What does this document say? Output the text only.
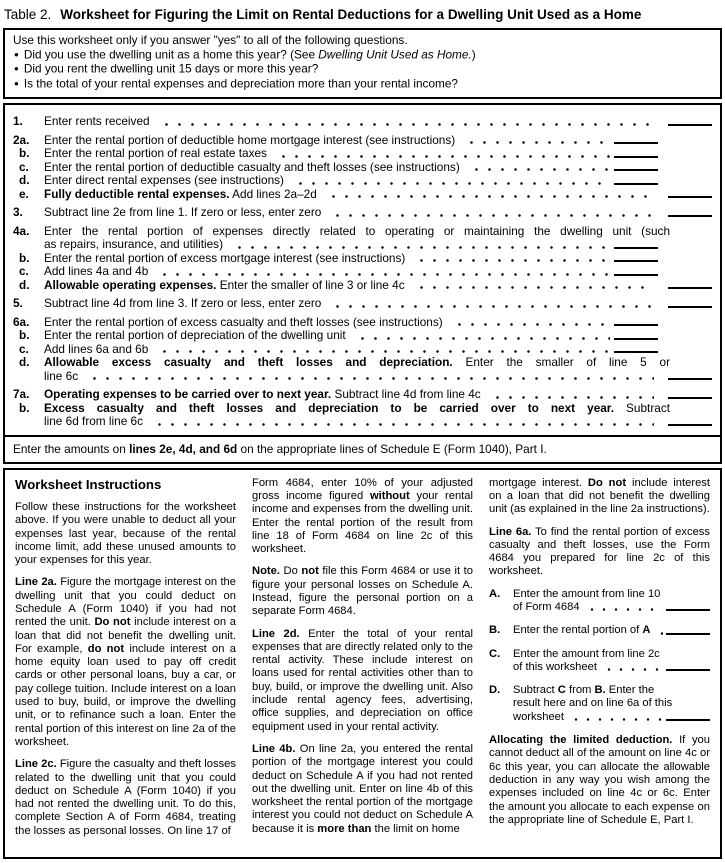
Table 2. Worksheet for Figuring the Limit on Rental Deductions for a Dwelling Unit Used as a Home
Use this worksheet only if you answer "yes" to all of the following questions.
● Did you use the dwelling unit as a home this year? (See Dwelling Unit Used as Home.)
● Did you rent the dwelling unit 15 days or more this year?
● Is the total of your rental expenses and depreciation more than your rental income?
1.	Enter rents received
2a.	Enter the rental portion of deductible home mortgage interest (see instructions)
b.	Enter the rental portion of real estate taxes
c.	Enter the rental portion of deductible casualty and theft losses (see instructions)
d.	Enter direct rental expenses (see instructions)
e.	Fully deductible rental expenses. Add lines 2a–2d
3.	Subtract line 2e from line 1. If zero or less, enter zero
4a.	Enter the rental portion of expenses directly related to operating or maintaining the dwelling unit (such
as repairs, insurance, and utilities)
b.	Enter the rental portion of excess mortgage interest (see instructions)
c.	Add lines 4a and 4b
d.	Allowable operating expenses. Enter the smaller of line 3 or line 4c
5.	Subtract line 4d from line 3. If zero or less, enter zero
6a.	Enter the rental portion of excess casualty and theft losses (see instructions)
b.	Enter the rental portion of depreciation of the dwelling unit
c.	Add lines 6a and 6b
d.	Allowable excess casualty and theft losses and depreciation. Enter the smaller of line 5 or
line 6c
7a.	Operating expenses to be carried over to next year. Subtract line 4d from line 4c
b.	Excess casualty and theft losses and depreciation to be carried over to next year. Subtract
line 6d from line 6c
Enter the amounts on lines 2e, 4d, and 6d on the appropriate lines of Schedule E (Form 1040), Part I.
Worksheet Instructions

Follow these instructions for the worksheet above. If you were unable to deduct all your expenses last year, because of the rental income limit, add these unused amounts to your expenses for this year.

Line 2a. Figure the mortgage interest on the dwelling unit that you could deduct on Schedule A (Form 1040) if you had not rented the unit. Do not include interest on a loan that did not benefit the dwelling unit. For example, do not include interest on a home equity loan used to pay off credit cards or other personal loans, buy a car, or pay college tuition. Include interest on a loan used to buy, build, or improve the dwelling unit, or to refinance such a loan. Enter the rental portion of this interest on line 2a of the worksheet.

Line 2c. Figure the casualty and theft losses related to the dwelling unit that you could deduct on Schedule A (Form 1040) if you had not rented the dwelling unit. To do this, complete Section A of Form 4684, treating the losses as personal losses. On line 17 of

Form 4684, enter 10% of your adjusted gross income figured without your rental income and expenses from the dwelling unit. Enter the rental portion of the result from line 18 of Form 4684 on line 2c of this worksheet.

Note. Do not file this Form 4684 or use it to figure your personal losses on Schedule A. Instead, figure the personal portion on a separate Form 4684.

Line 2d. Enter the total of your rental expenses that are directly related only to the rental activity. These include interest on loans used for rental activities other than to buy, build, or improve the dwelling unit. Also include rental agency fees, advertising, office supplies, and depreciation on office equipment used in your rental activity.

Line 4b. On line 2a, you entered the rental portion of the mortgage interest you could deduct on Schedule A if you had not rented out the dwelling unit. Enter on line 4b of this worksheet the rental portion of the mortgage interest you could not deduct on Schedule A because it is more than the limit on home

mortgage interest. Do not include interest on a loan that did not benefit the dwelling unit (as explained in the line 2a instructions).

Line 6a. To find the rental portion of excess casualty and theft losses, use the Form 4684 you prepared for line 2c of this worksheet.

A.	Enter the amount from line 10
of Form 4684
B.	Enter the rental portion of A
C.	Enter the amount from line 2c
of this worksheet
D.	Subtract C from B. Enter the
result here and on line 6a of this
worksheet

Allocating the limited deduction. If you cannot deduct all of the amount on line 4c or 6c this year, you can allocate the allowable deduction in any way you wish among the expenses included on line 4c or 6c. Enter the amount you allocate to each expense on the appropriate line of Schedule E, Part I.
